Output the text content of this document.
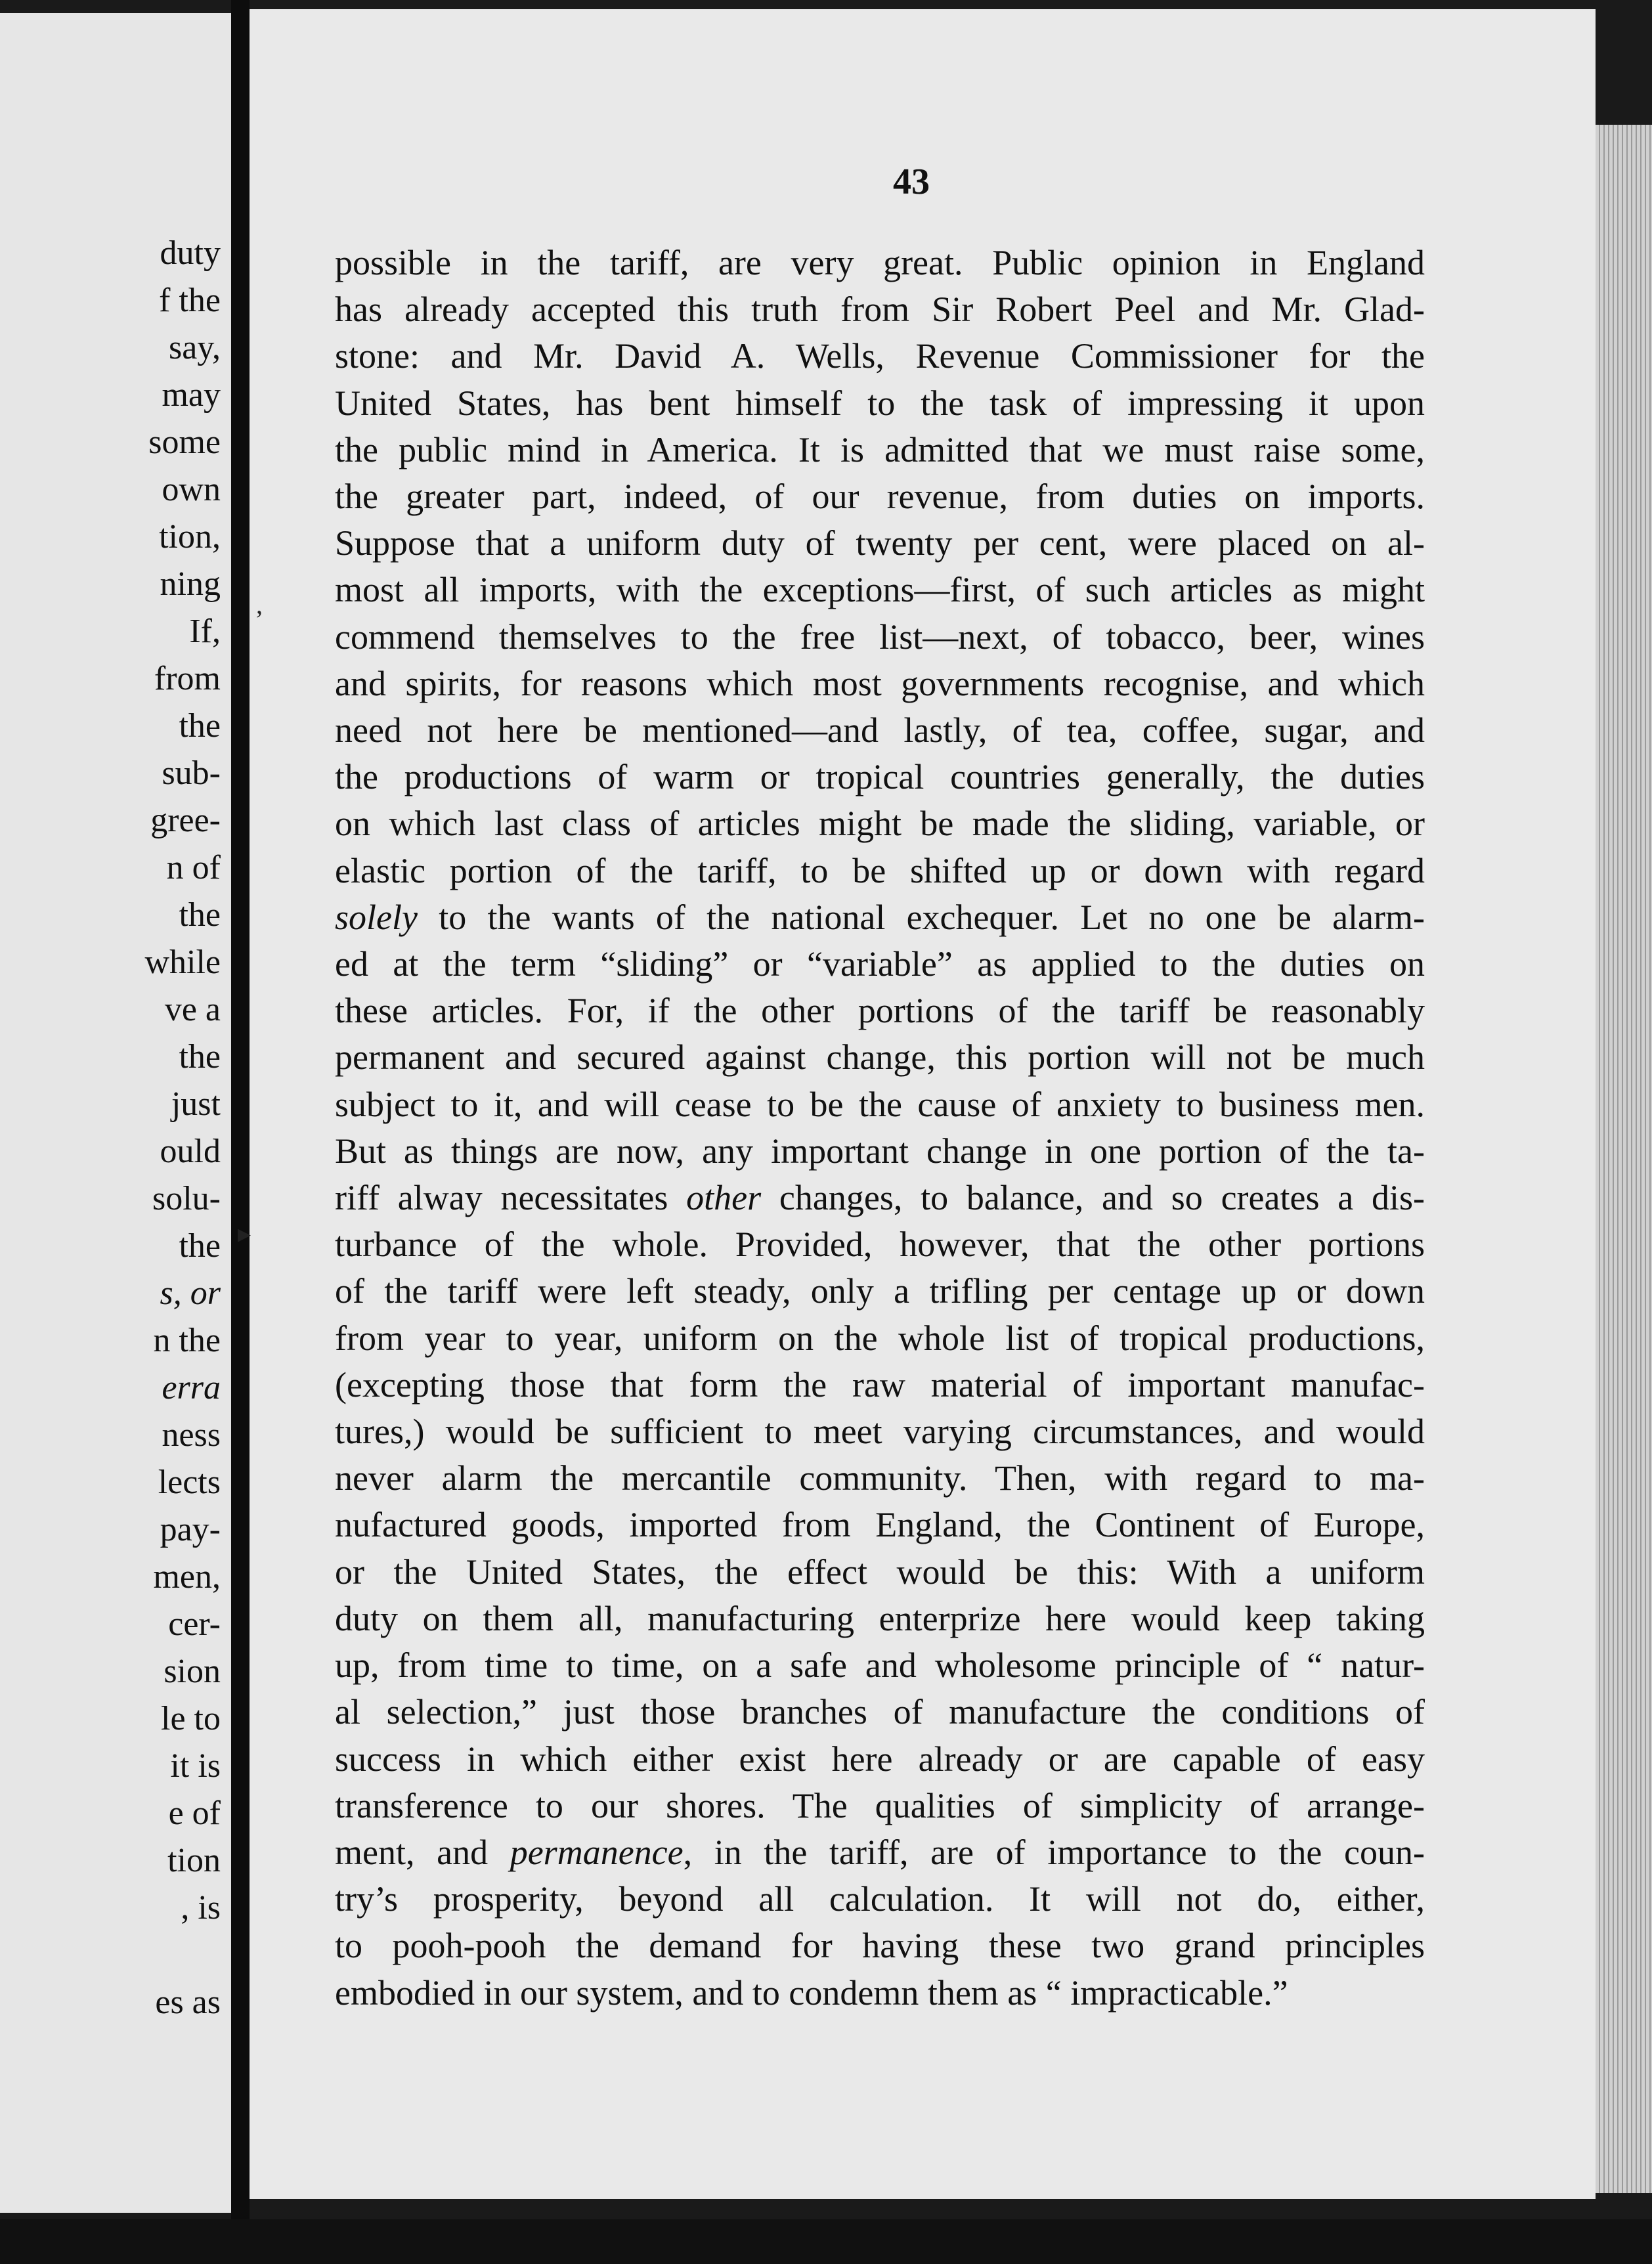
duty
f the
say,
may
some
own
tion,
ning
If,
from
the
sub-
gree-
n of
the
while
ve a
the
just
ould
solu-
the
s, or
n the
erra
ness
lects
pay-
men,
cer-
sion
le to
it is
e of
tion
, is
es as
43
possible in the tariff, are very great. Public opinion in England
has already accepted this truth from Sir Robert Peel and Mr. Glad-
stone: and Mr. David A. Wells, Revenue Commissioner for the
United States, has bent himself to the task of impressing it upon
the public mind in America. It is admitted that we must raise some,
the greater part, indeed, of our revenue, from duties on imports.
Suppose that a uniform duty of twenty per cent, were placed on al-
most all imports, with the exceptions—first, of such articles as might
commend themselves to the free list—next, of tobacco, beer, wines
and spirits, for reasons which most governments recognise, and which
need not here be mentioned—and lastly, of tea, coffee, sugar, and
the productions of warm or tropical countries generally, the duties
on which last class of articles might be made the sliding, variable, or
elastic portion of the tariff, to be shifted up or down with regard
solely to the wants of the national exchequer. Let no one be alarm-
ed at the term “sliding” or “variable” as applied to the duties on
these articles. For, if the other portions of the tariff be reasonably
permanent and secured against change, this portion will not be much
subject to it, and will cease to be the cause of anxiety to business men.
But as things are now, any important change in one portion of the ta-
riff alway necessitates other changes, to balance, and so creates a dis-
turbance of the whole. Provided, however, that the other portions
of the tariff were left steady, only a trifling per centage up or down
from year to year, uniform on the whole list of tropical productions,
(excepting those that form the raw material of important manufac-
tures,) would be sufficient to meet varying circumstances, and would
never alarm the mercantile community. Then, with regard to ma-
nufactured goods, imported from England, the Continent of Europe,
or the United States, the effect would be this: With a uniform
duty on them all, manufacturing enterprize here would keep taking
up, from time to time, on a safe and wholesome principle of “ natur-
al selection,” just those branches of manufacture the conditions of
success in which either exist here already or are capable of easy
transference to our shores. The qualities of simplicity of arrange-
ment, and permanence, in the tariff, are of importance to the coun-
try’s prosperity, beyond all calculation. It will not do, either,
to pooh-pooh the demand for having these two grand principles
embodied in our system, and to condemn them as “ impracticable.”
’
▸
